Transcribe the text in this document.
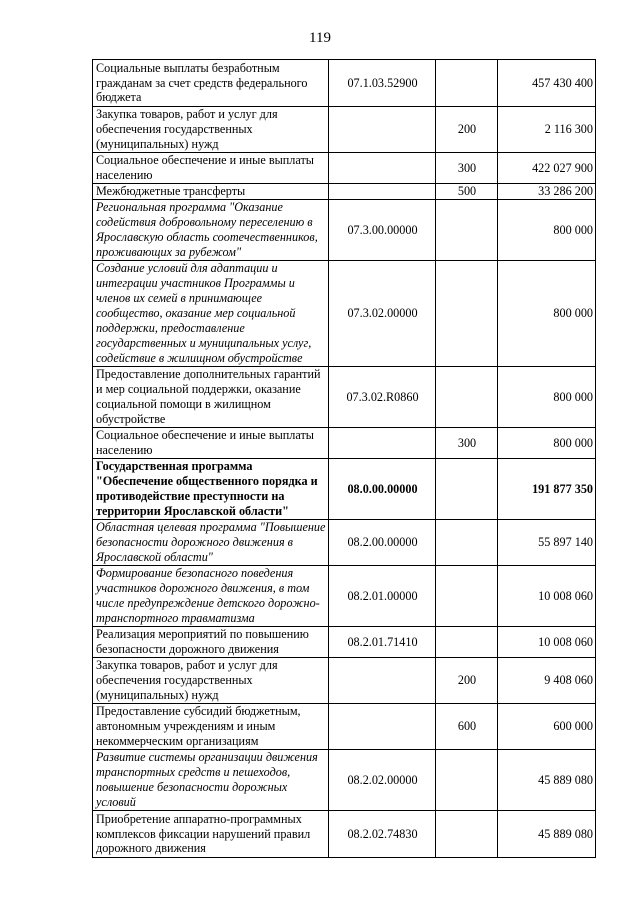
119
Социальные выплаты безработным гражданам за счет средств федерального бюджета	07.1.03.52900		457 430 400
Закупка товаров, работ и услуг для обеспечения государственных (муниципальных) нужд		200	2 116 300
Социальное обеспечение и иные выплаты населению		300	422 027 900
Межбюджетные трансферты		500	33 286 200
Региональная программа "Оказание содействия добровольному переселению в Ярославскую область соотечественников, проживающих за рубежом"	07.3.00.00000		800 000
Создание условий для адаптации и интеграции участников Программы и членов их семей в принимающее сообщество, оказание мер социальной поддержки, предоставление государственных и муниципальных услуг, содействие в жилищном обустройстве	07.3.02.00000		800 000
Предоставление дополнительных гарантий и мер социальной поддержки, оказание социальной помощи в жилищном обустройстве	07.3.02.R0860		800 000
Социальное обеспечение и иные выплаты населению		300	800 000
Государственная программа "Обеспечение общественного порядка и противодействие преступности на территории Ярославской области"	08.0.00.00000		191 877 350
Областная целевая программа "Повышение безопасности дорожного движения в Ярославской области"	08.2.00.00000		55 897 140
Формирование безопасного поведения участников дорожного движения, в том числе предупреждение детского дорожно-транспортного травматизма	08.2.01.00000		10 008 060
Реализация мероприятий по повышению безопасности дорожного движения	08.2.01.71410		10 008 060
Закупка товаров, работ и услуг для обеспечения государственных (муниципальных) нужд		200	9 408 060
Предоставление субсидий бюджетным, автономным учреждениям и иным некоммерческим организациям		600	600 000
Развитие системы организации движения транспортных средств и пешеходов, повышение безопасности дорожных условий	08.2.02.00000		45 889 080
Приобретение аппаратно-программных комплексов фиксации нарушений правил дорожного движения	08.2.02.74830		45 889 080
